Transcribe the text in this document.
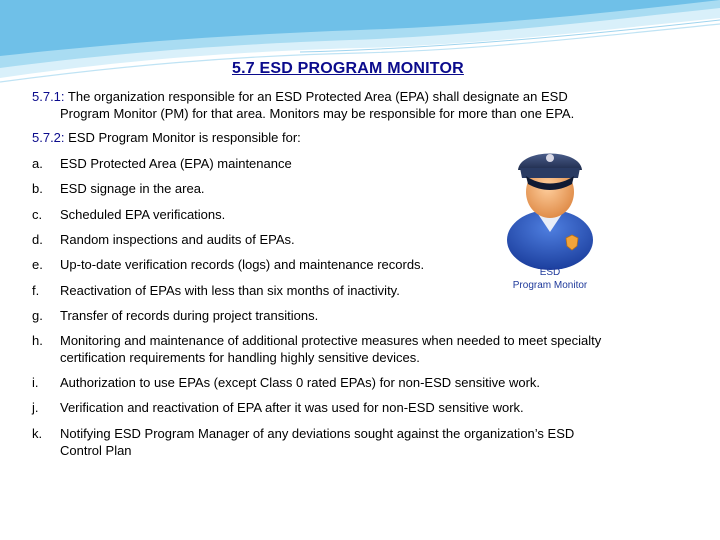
5.7 ESD PROGRAM MONITOR
5.7.1: The organization responsible for an ESD Protected Area (EPA) shall designate an ESD
Program Monitor (PM) for that area. Monitors may be responsible for more than one EPA.
5.7.2: ESD Program Monitor is responsible for:
a.	ESD Protected Area (EPA) maintenance
b.	ESD signage in the area.
c.	Scheduled EPA verifications.
d.	Random inspections and audits of EPAs.
e.	Up-to-date verification records (logs) and maintenance records.
f.	Reactivation of EPAs with less than six months of inactivity.
g.	Transfer of records during project transitions.
h.	Monitoring and maintenance of additional protective measures when needed to meet specialty
certification requirements for handling highly sensitive devices.
i.	Authorization to use EPAs (except Class 0 rated EPAs) for non-ESD sensitive work.
j.	Verification and reactivation of EPA after it was used for non-ESD sensitive work.
k.	Notifying ESD Program Manager of any deviations sought against the organization’s ESD
Control Plan
ESD
Program Monitor
